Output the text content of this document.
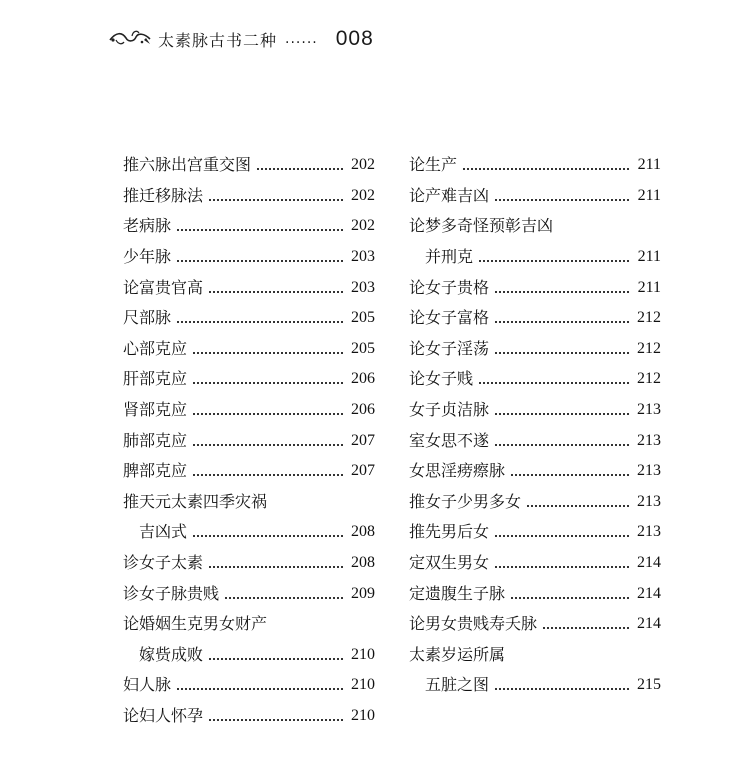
太素脉古书二种 ...... 008
推六脉出宫重交图	202
推迁移脉法	202
老病脉	202
少年脉	203
论富贵官高	203
尺部脉	205
心部克应	205
肝部克应	206
肾部克应	206
肺部克应	207
脾部克应	207
推天元太素四季灾祸
吉凶式	208
诊女子太素	208
诊女子脉贵贱	209
论婚姻生克男女财产
嫁赀成败	210
妇人脉	210
论妇人怀孕	210
论生产	211
论产难吉凶	211
论梦多奇怪预彰吉凶
并刑克	211
论女子贵格	211
论女子富格	212
论女子淫荡	212
论女子贱	212
女子贞洁脉	213
室女思不遂	213
女思淫痨瘵脉	213
推女子少男多女	213
推先男后女	213
定双生男女	214
定遗腹生子脉	214
论男女贵贱寿夭脉	214
太素岁运所属
五脏之图	215
